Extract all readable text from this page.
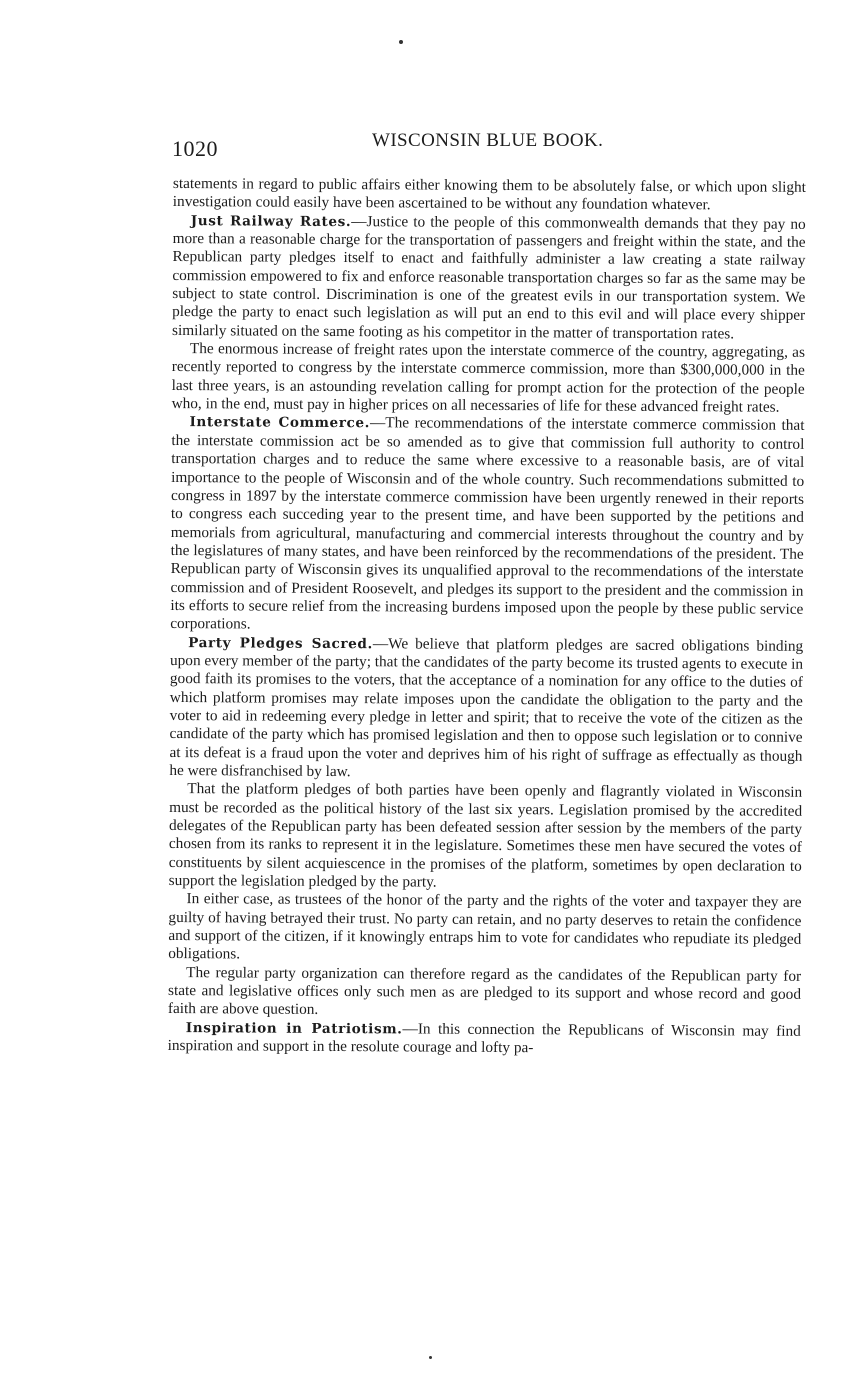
1020	WISCONSIN BLUE BOOK.

statements in regard to public affairs either knowing them to be absolutely false, or which upon slight investigation could easily have been ascertained to be without any foundation whatever.

Just Railway Rates.—Justice to the people of this commonwealth demands that they pay no more than a reasonable charge for the transportation of passengers and freight within the state, and the Republican party pledges itself to enact and faithfully administer a law creating a state railway commission empowered to fix and enforce reasonable transportation charges so far as the same may be subject to state control. Discrimination is one of the greatest evils in our transportation system. We pledge the party to enact such legislation as will put an end to this evil and will place every shipper similarly situated on the same footing as his competitor in the matter of transportation rates.

The enormous increase of freight rates upon the interstate commerce of the country, aggregating, as recently reported to congress by the interstate commerce commission, more than $300,000,000 in the last three years, is an astounding revelation calling for prompt action for the protection of the people who, in the end, must pay in higher prices on all necessaries of life for these advanced freight rates.

Interstate Commerce.—The recommendations of the interstate commerce commission that the interstate commission act be so amended as to give that commission full authority to control transportation charges and to reduce the same where excessive to a reasonable basis, are of vital importance to the people of Wisconsin and of the whole country. Such recommendations submitted to congress in 1897 by the interstate commerce commission have been urgently renewed in their reports to congress each succeding year to the present time, and have been supported by the petitions and memorials from agricultural, manufacturing and commercial interests throughout the country and by the legislatures of many states, and have been reinforced by the recommendations of the president. The Republican party of Wisconsin gives its unqualified approval to the recommendations of the interstate commission and of President Roosevelt, and pledges its support to the president and the commission in its efforts to secure relief from the increasing burdens imposed upon the people by these public service corporations.

Party Pledges Sacred.—We believe that platform pledges are sacred obligations binding upon every member of the party; that the candidates of the party become its trusted agents to execute in good faith its promises to the voters, that the acceptance of a nomination for any office to the duties of which platform promises may relate imposes upon the candidate the obligation to the party and the voter to aid in redeeming every pledge in letter and spirit; that to receive the vote of the citizen as the candidate of the party which has promised legislation and then to oppose such legislation or to connive at its defeat is a fraud upon the voter and deprives him of his right of suffrage as effectually as though he were disfranchised by law.

That the platform pledges of both parties have been openly and flagrantly violated in Wisconsin must be recorded as the political history of the last six years. Legislation promised by the accredited delegates of the Republican party has been defeated session after session by the members of the party chosen from its ranks to represent it in the legislature. Sometimes these men have secured the votes of constituents by silent acquiescence in the promises of the platform, sometimes by open declaration to support the legislation pledged by the party.

In either case, as trustees of the honor of the party and the rights of the voter and taxpayer they are guilty of having betrayed their trust. No party can retain, and no party deserves to retain the confidence and support of the citizen, if it knowingly entraps him to vote for candidates who repudiate its pledged obligations.

The regular party organization can therefore regard as the candidates of the Republican party for state and legislative offices only such men as are pledged to its support and whose record and good faith are above question.

Inspiration in Patriotism.—In this connection the Republicans of Wisconsin may find inspiration and support in the resolute courage and lofty pa-
